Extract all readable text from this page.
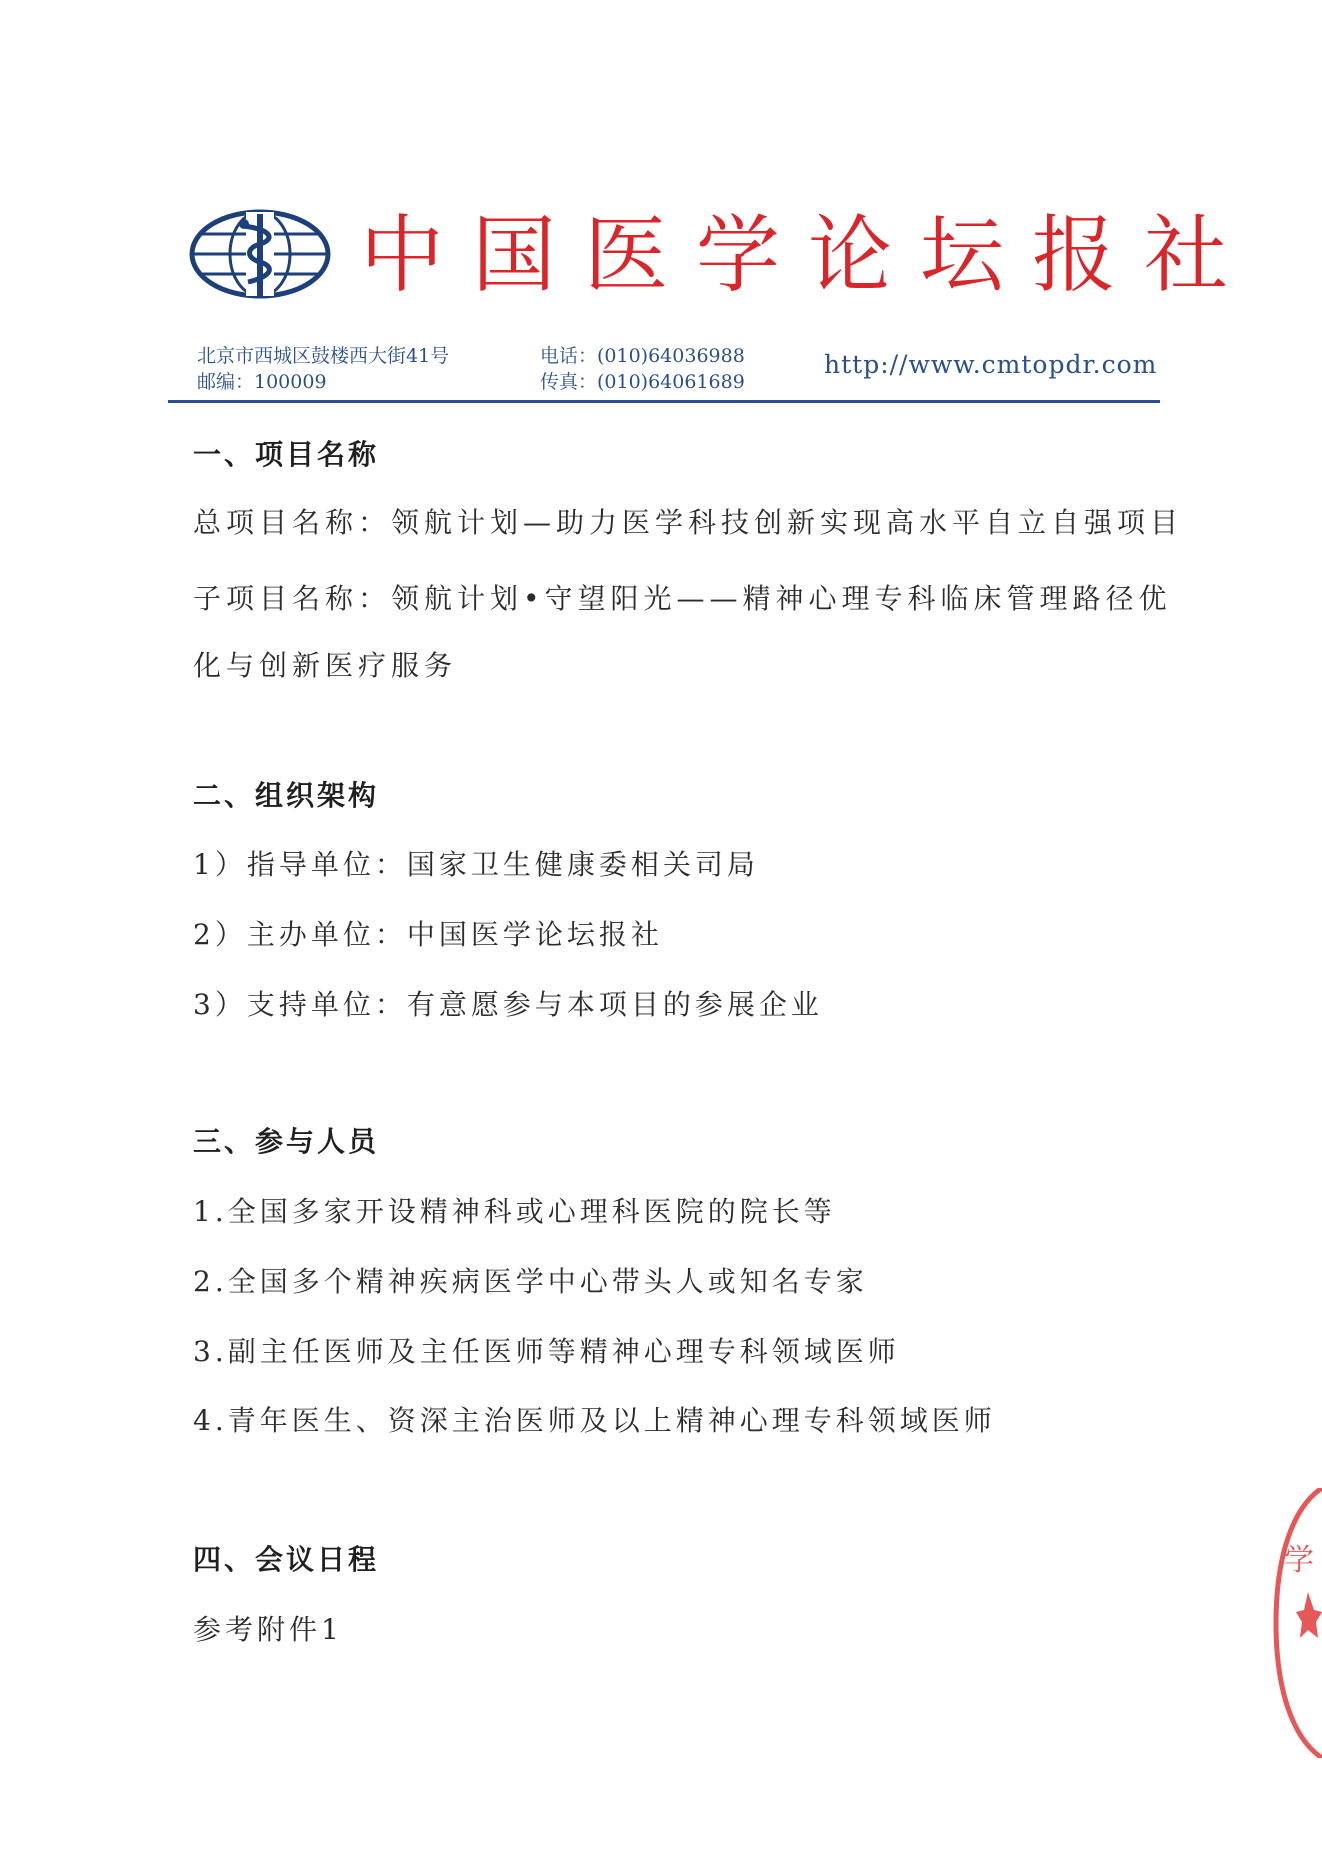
中国医学论坛报社
北京市西城区鼓楼西大街41号
邮编：100009
电话：(010)64036988
传真：(010)64061689
http://www.cmtopdr.com
一、项目名称
总项目名称：领航计划—助力医学科技创新实现高水平自立自强项目
子项目名称：领航计划•守望阳光——精神心理专科临床管理路径优
化与创新医疗服务
二、组织架构
1）指导单位：国家卫生健康委相关司局
2）主办单位：中国医学论坛报社
3）支持单位：有意愿参与本项目的参展企业
三、参与人员
1.全国多家开设精神科或心理科医院的院长等
2.全国多个精神疾病医学中心带头人或知名专家
3.副主任医师及主任医师等精神心理专科领域医师
4.青年医生、资深主治医师及以上精神心理专科领域医师
四、会议日程
参考附件1
学
